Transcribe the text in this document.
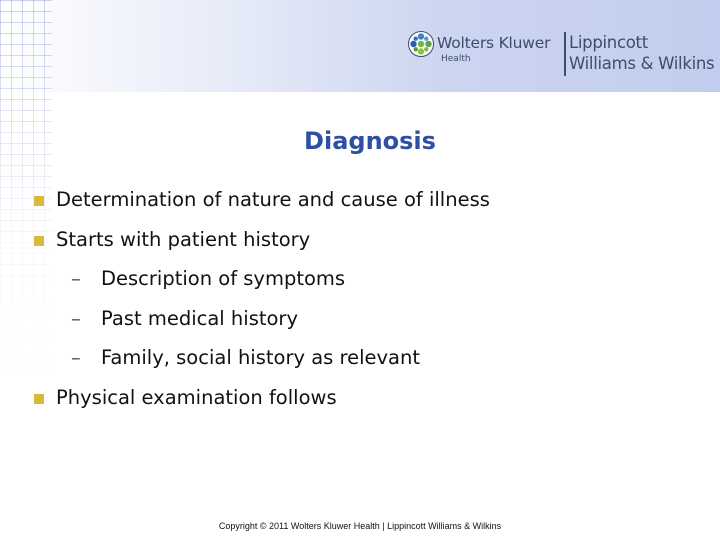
Wolters Kluwer
Health
Lippincott
Williams & Wilkins
Diagnosis
Determination of nature and cause of illness
Starts with patient history
– Description of symptoms
– Past medical history
– Family, social history as relevant
Physical examination follows
Copyright © 2011 Wolters Kluwer Health | Lippincott Williams & Wilkins
